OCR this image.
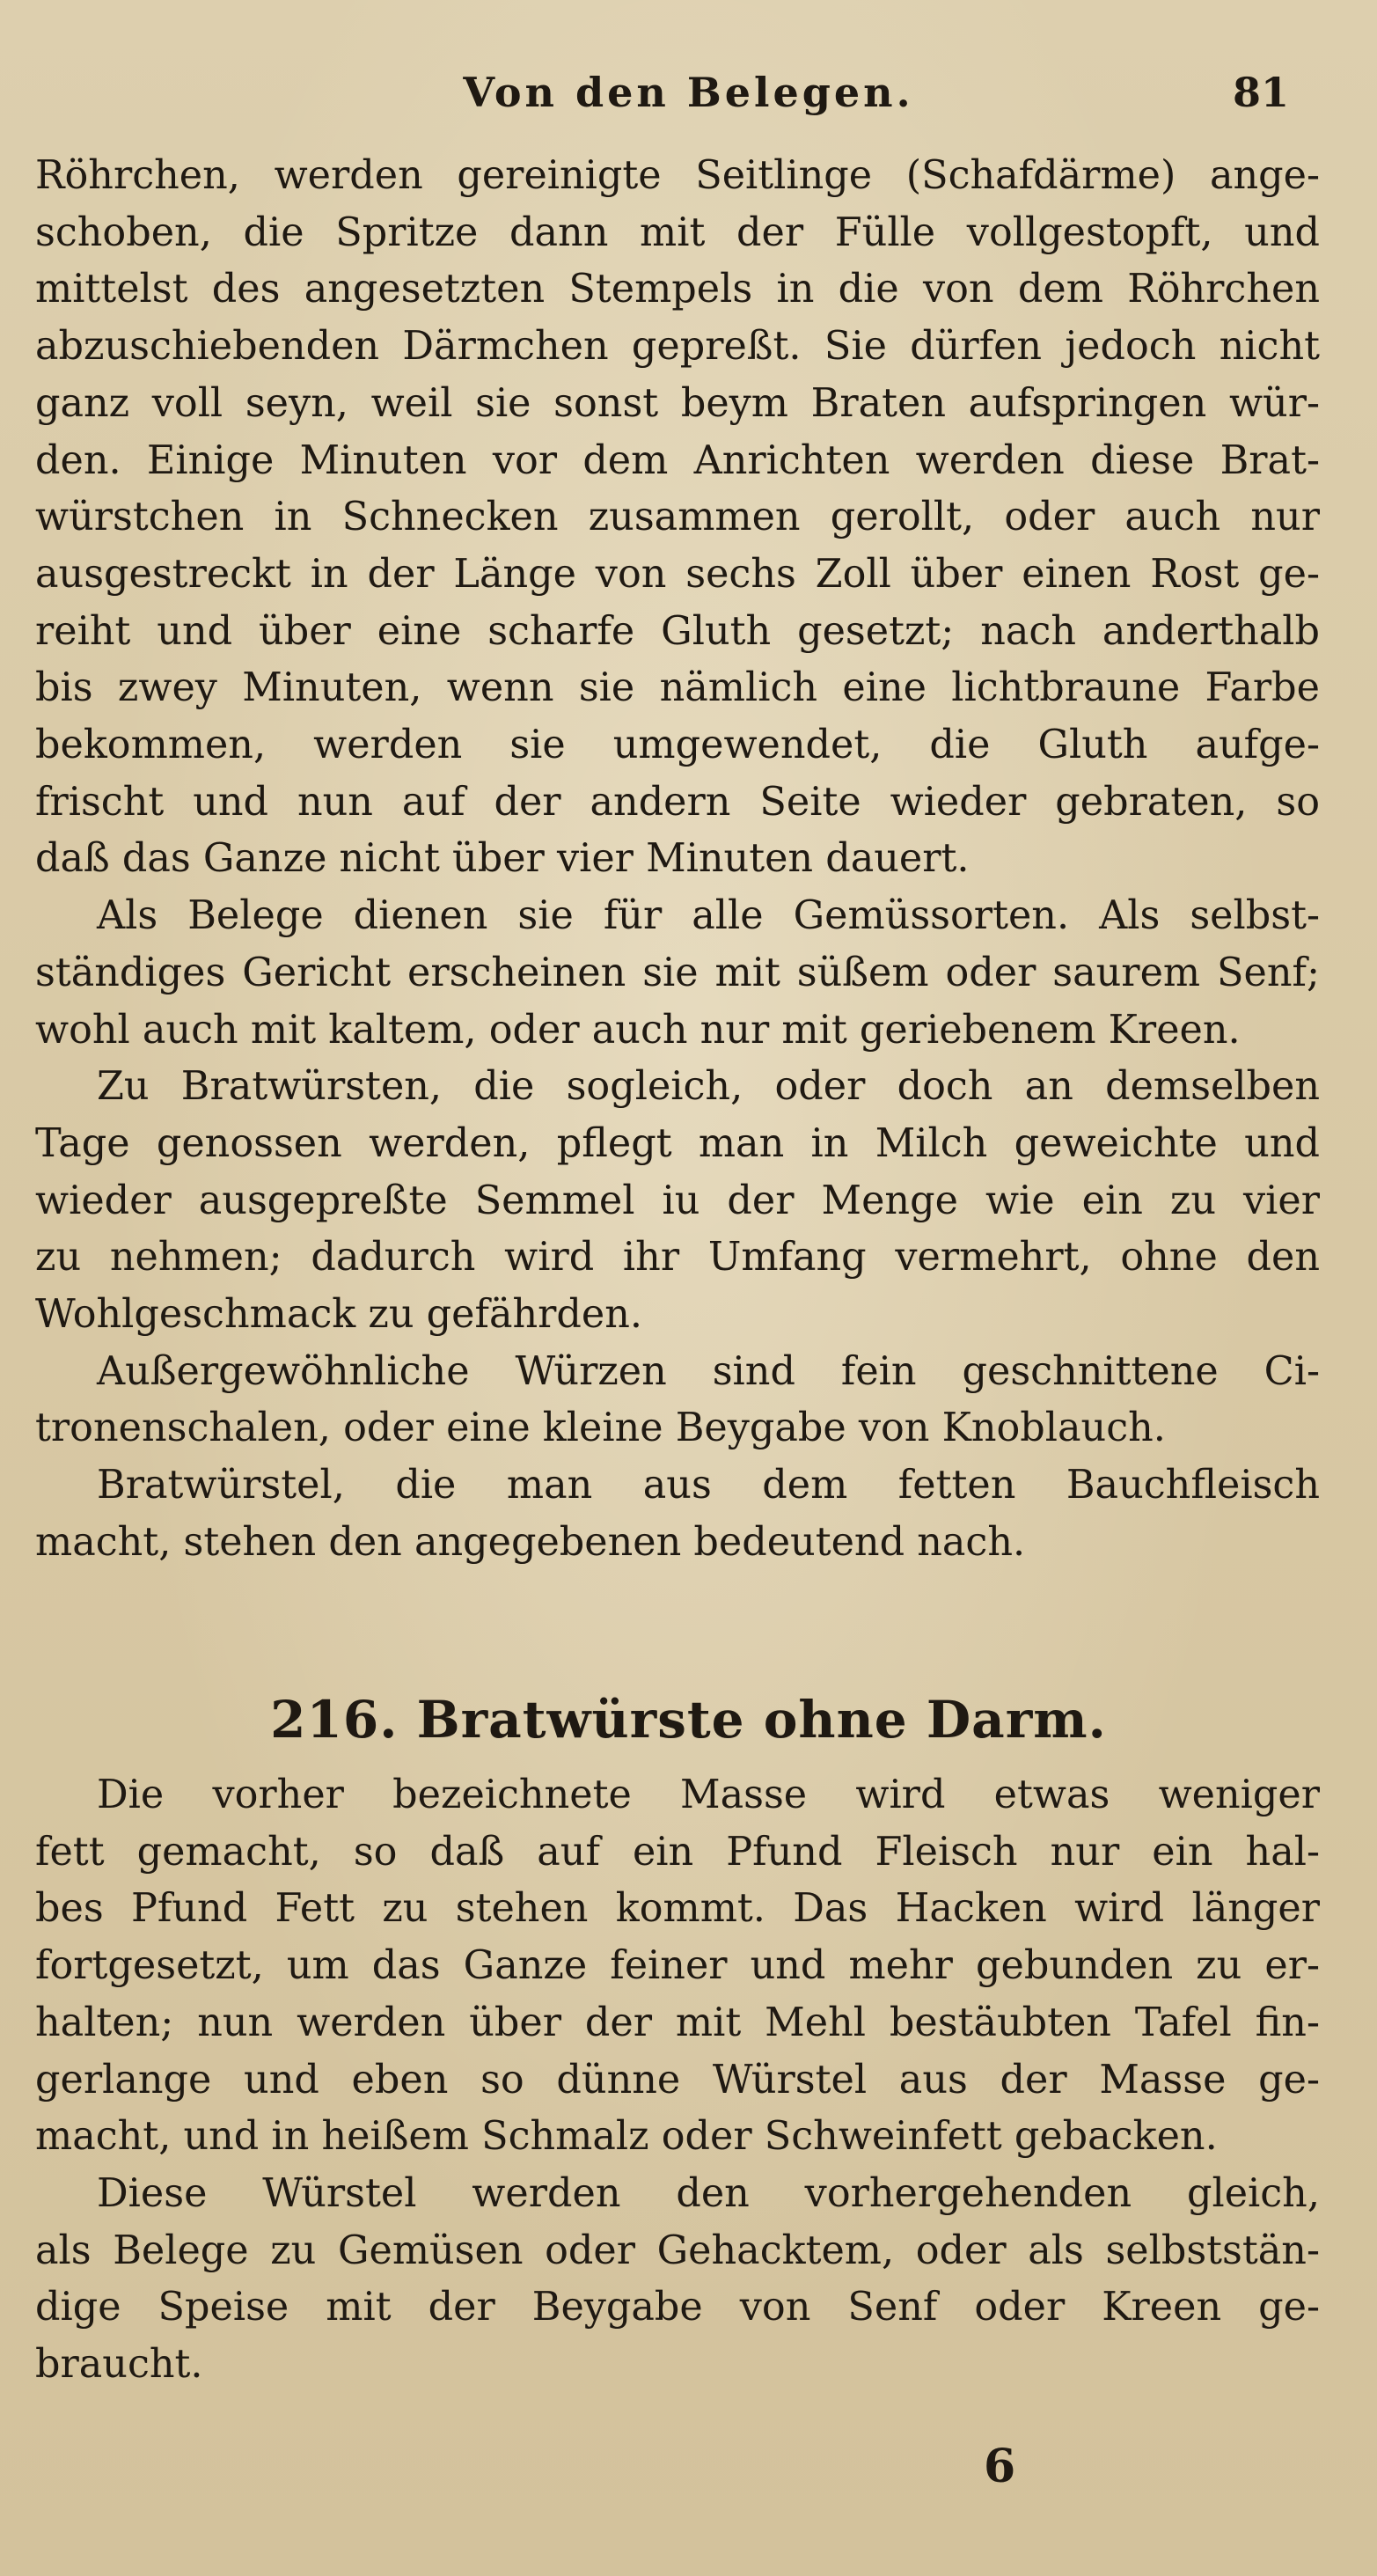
Von den Belegen.	81
Röhrchen, werden gereinigte Seitlinge (Schafdärme) ange-
schoben, die Spritze dann mit der Fülle vollgestopft, und
mittelst des angesetzten Stempels in die von dem Röhrchen
abzuschiebenden Därmchen gepreßt. Sie dürfen jedoch nicht
ganz voll seyn, weil sie sonst beym Braten aufspringen wür-
den. Einige Minuten vor dem Anrichten werden diese Brat-
würstchen in Schnecken zusammen gerollt, oder auch nur
ausgestreckt in der Länge von sechs Zoll über einen Rost ge-
reiht und über eine scharfe Gluth gesetzt; nach anderthalb
bis zwey Minuten, wenn sie nämlich eine lichtbraune Farbe
bekommen, werden sie umgewendet, die Gluth aufge-
frischt und nun auf der andern Seite wieder gebraten, so
daß das Ganze nicht über vier Minuten dauert.
Als Belege dienen sie für alle Gemüssorten. Als selbst-
ständiges Gericht erscheinen sie mit süßem oder saurem Senf;
wohl auch mit kaltem, oder auch nur mit geriebenem Kreen.
Zu Bratwürsten, die sogleich, oder doch an demselben
Tage genossen werden, pflegt man in Milch geweichte und
wieder ausgepreßte Semmel iu der Menge wie ein zu vier
zu nehmen; dadurch wird ihr Umfang vermehrt, ohne den
Wohlgeschmack zu gefährden.
Außergewöhnliche Würzen sind fein geschnittene Ci-
tronenschalen, oder eine kleine Beygabe von Knoblauch.
Bratwürstel, die man aus dem fetten Bauchfleisch
macht, stehen den angegebenen bedeutend nach.
216. Bratwürste ohne Darm.
Die vorher bezeichnete Masse wird etwas weniger
fett gemacht, so daß auf ein Pfund Fleisch nur ein hal-
bes Pfund Fett zu stehen kommt. Das Hacken wird länger
fortgesetzt, um das Ganze feiner und mehr gebunden zu er-
halten; nun werden über der mit Mehl bestäubten Tafel fin-
gerlange und eben so dünne Würstel aus der Masse ge-
macht, und in heißem Schmalz oder Schweinfett gebacken.
Diese Würstel werden den vorhergehenden gleich,
als Belege zu Gemüsen oder Gehacktem, oder als selbststän-
dige Speise mit der Beygabe von Senf oder Kreen ge-
braucht.
6
